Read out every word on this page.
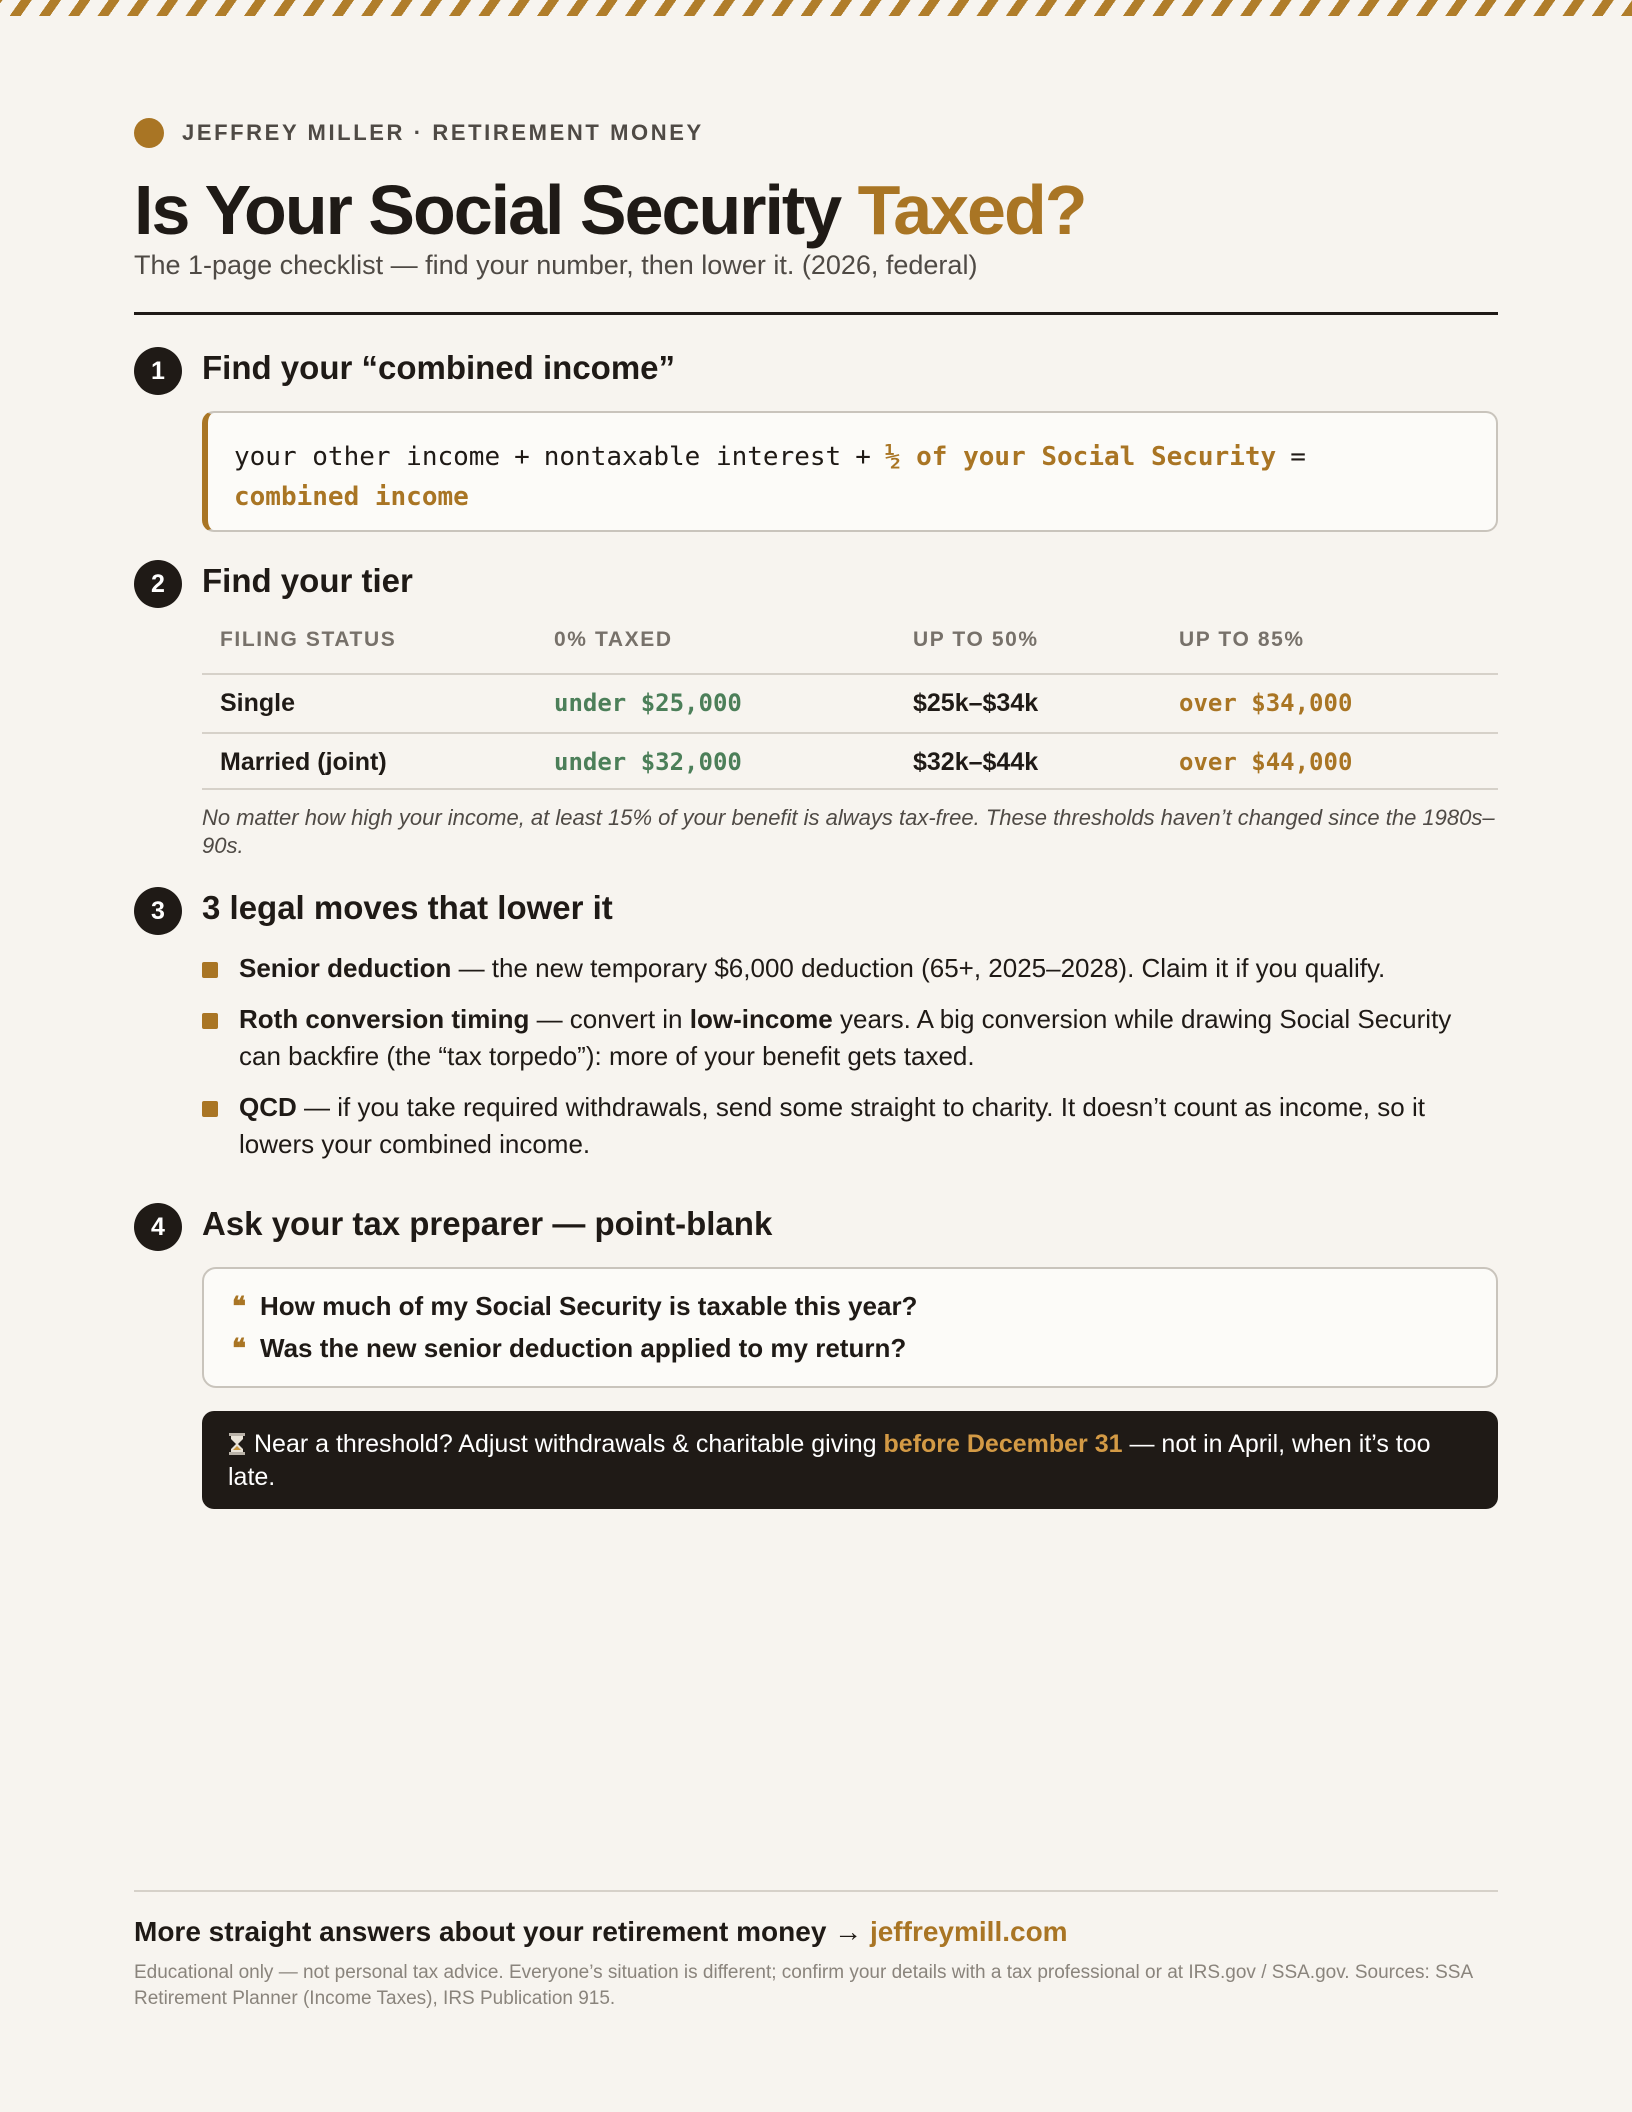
JEFFREY MILLER · RETIREMENT MONEY
Is Your Social Security Taxed?
The 1-page checklist — find your number, then lower it. (2026, federal)
1	Find your “combined income”
your other income + nontaxable interest + ½ of your Social Security =
combined income
2	Find your tier
FILING STATUS	0% TAXED	UP TO 50%	UP TO 85%
Single	under $25,000	$25k–$34k	over $34,000
Married (joint)	under $32,000	$32k–$44k	over $44,000
No matter how high your income, at least 15% of your benefit is always tax-free. These thresholds haven’t changed since the 1980s–90s.
3	3 legal moves that lower it
Senior deduction — the new temporary $6,000 deduction (65+, 2025–2028). Claim it if you qualify.
Roth conversion timing — convert in low-income years. A big conversion while drawing Social Security can backfire (the “tax torpedo”): more of your benefit gets taxed.
QCD — if you take required withdrawals, send some straight to charity. It doesn’t count as income, so it lowers your combined income.
4	Ask your tax preparer — point-blank
❝ How much of my Social Security is taxable this year?
❝ Was the new senior deduction applied to my return?
Near a threshold? Adjust withdrawals & charitable giving before December 31 — not in April, when it’s too late.
More straight answers about your retirement money → jeffreymill.com
Educational only — not personal tax advice. Everyone’s situation is different; confirm your details with a tax professional or at IRS.gov / SSA.gov. Sources: SSA Retirement Planner (Income Taxes), IRS Publication 915.
